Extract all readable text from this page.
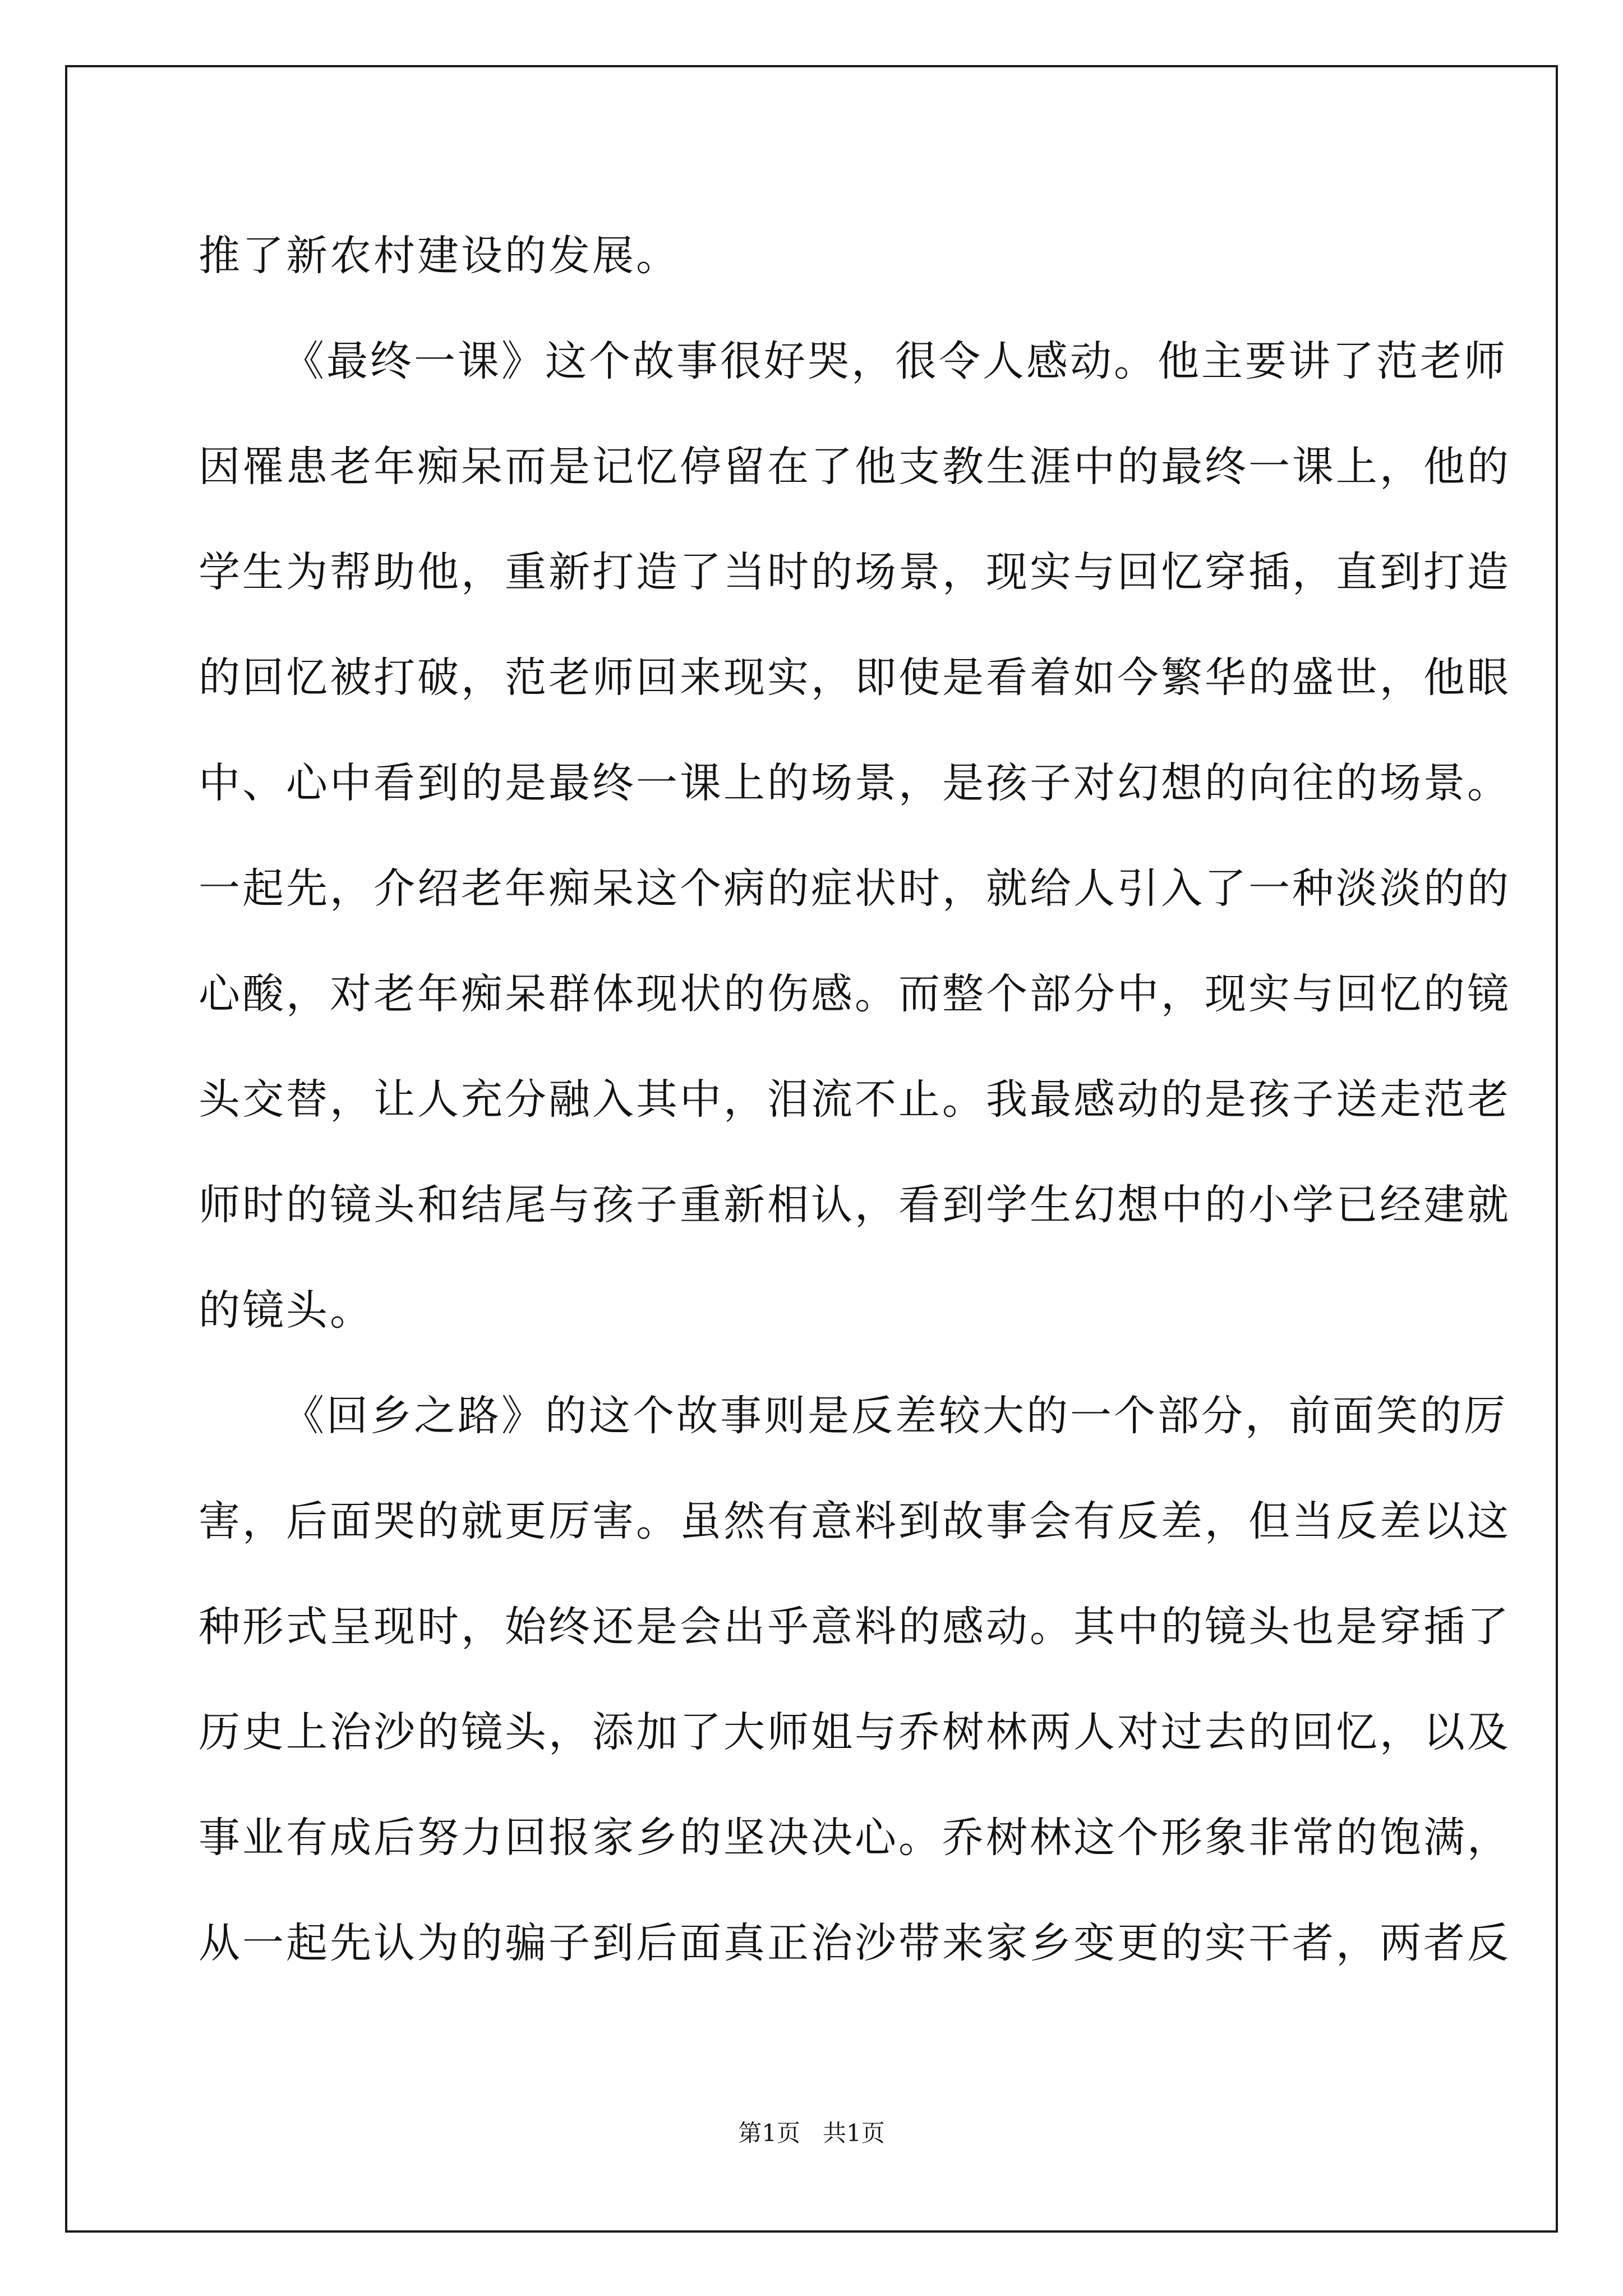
推了新农村建设的发展。
《最终一课》这个故事很好哭，很令人感动。他主要讲了范老师
因罹患老年痴呆而是记忆停留在了他支教生涯中的最终一课上，他的
学生为帮助他，重新打造了当时的场景，现实与回忆穿插，直到打造
的回忆被打破，范老师回来现实，即使是看着如今繁华的盛世，他眼
中、心中看到的是最终一课上的场景，是孩子对幻想的向往的场景。
一起先，介绍老年痴呆这个病的症状时，就给人引入了一种淡淡的的
心酸，对老年痴呆群体现状的伤感。而整个部分中，现实与回忆的镜
头交替，让人充分融入其中，泪流不止。我最感动的是孩子送走范老
师时的镜头和结尾与孩子重新相认，看到学生幻想中的小学已经建就
的镜头。
《回乡之路》的这个故事则是反差较大的一个部分，前面笑的厉
害，后面哭的就更厉害。虽然有意料到故事会有反差，但当反差以这
种形式呈现时，始终还是会出乎意料的感动。其中的镜头也是穿插了
历史上治沙的镜头，添加了大师姐与乔树林两人对过去的回忆，以及
事业有成后努力回报家乡的坚决决心。乔树林这个形象非常的饱满，
从一起先认为的骗子到后面真正治沙带来家乡变更的实干者，两者反
第1页 共1页
